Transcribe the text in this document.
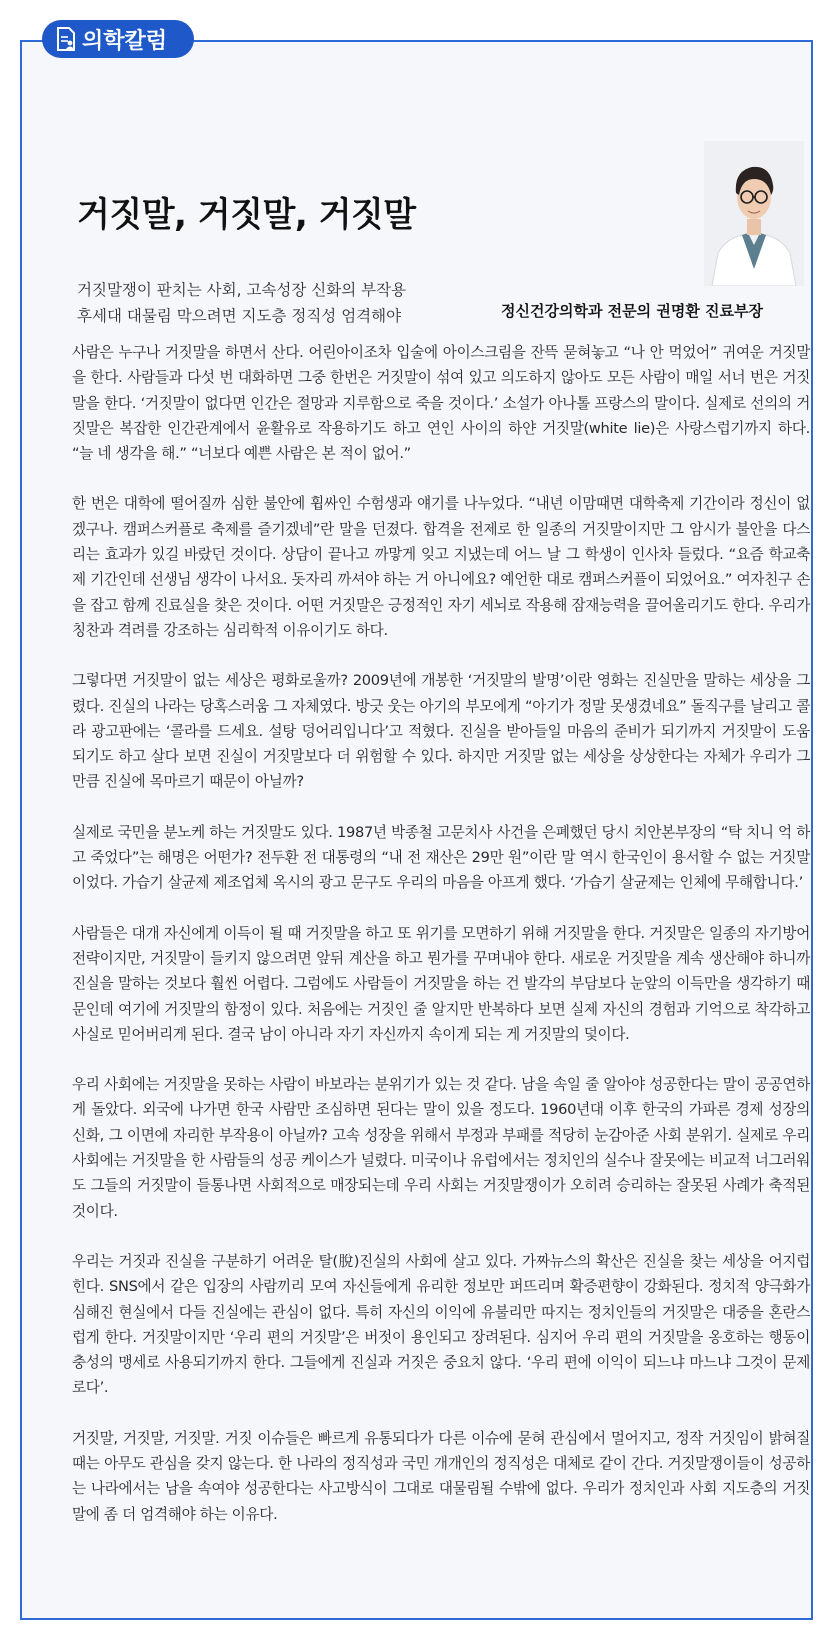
거짓말, 거짓말, 거짓말
거짓말쟁이 판치는 사회, 고속성장 신화의 부작용
후세대 대물림 막으려면 지도층 정직성 엄격해야	정신건강의학과 전문의 권명환 진료부장

사람은 누구나 거짓말을 하면서 산다. 어린아이조차 입술에 아이스크림을 잔뜩 묻혀놓고 “나 안 먹었어” 귀여운 거짓말을 한다. 사람들과 다섯 번 대화하면 그중 한번은 거짓말이 섞여 있고 의도하지 않아도 모든 사람이 매일 서너 번은 거짓말을 한다. ‘거짓말이 없다면 인간은 절망과 지루함으로 죽을 것이다.’ 소설가 아나톨 프랑스의 말이다. 실제로 선의의 거짓말은 복잡한 인간관계에서 윤활유로 작용하기도 하고 연인 사이의 하얀 거짓말(white lie)은 사랑스럽기까지 하다. “늘 네 생각을 해.” “너보다 예쁜 사람은 본 적이 없어.”

한 번은 대학에 떨어질까 심한 불안에 휩싸인 수험생과 얘기를 나누었다. “내년 이맘때면 대학축제 기간이라 정신이 없겠구나. 캠퍼스커플로 축제를 즐기겠네”란 말을 던졌다. 합격을 전제로 한 일종의 거짓말이지만 그 암시가 불안을 다스리는 효과가 있길 바랐던 것이다. 상담이 끝나고 까맣게 잊고 지냈는데 어느 날 그 학생이 인사차 들렀다. “요즘 학교축제 기간인데 선생님 생각이 나서요. 돗자리 까셔야 하는 거 아니에요? 예언한 대로 캠퍼스커플이 되었어요.” 여자친구 손을 잡고 함께 진료실을 찾은 것이다. 어떤 거짓말은 긍정적인 자기 세뇌로 작용해 잠재능력을 끌어올리기도 한다. 우리가 칭찬과 격려를 강조하는 심리학적 이유이기도 하다.

그렇다면 거짓말이 없는 세상은 평화로울까? 2009년에 개봉한 ‘거짓말의 발명’이란 영화는 진실만을 말하는 세상을 그렸다. 진실의 나라는 당혹스러움 그 자체였다. 방긋 웃는 아기의 부모에게 “아기가 정말 못생겼네요” 돌직구를 날리고 콜라 광고판에는 ‘콜라를 드세요. 설탕 덩어리입니다’고 적혔다. 진실을 받아들일 마음의 준비가 되기까지 거짓말이 도움 되기도 하고 살다 보면 진실이 거짓말보다 더 위험할 수 있다. 하지만 거짓말 없는 세상을 상상한다는 자체가 우리가 그만큼 진실에 목마르기 때문이 아닐까?

실제로 국민을 분노케 하는 거짓말도 있다. 1987년 박종철 고문치사 사건을 은폐했던 당시 치안본부장의 “탁 치니 억 하고 죽었다”는 해명은 어떤가? 전두환 전 대통령의 “내 전 재산은 29만 원”이란 말 역시 한국인이 용서할 수 없는 거짓말이었다. 가습기 살균제 제조업체 옥시의 광고 문구도 우리의 마음을 아프게 했다. ‘가습기 살균제는 인체에 무해합니다.’

사람들은 대개 자신에게 이득이 될 때 거짓말을 하고 또 위기를 모면하기 위해 거짓말을 한다. 거짓말은 일종의 자기방어 전략이지만, 거짓말이 들키지 않으려면 앞뒤 계산을 하고 뭔가를 꾸며내야 한다. 새로운 거짓말을 계속 생산해야 하니까 진실을 말하는 것보다 훨씬 어렵다. 그럼에도 사람들이 거짓말을 하는 건 발각의 부담보다 눈앞의 이득만을 생각하기 때문인데 여기에 거짓말의 함정이 있다. 처음에는 거짓인 줄 알지만 반복하다 보면 실제 자신의 경험과 기억으로 착각하고 사실로 믿어버리게 된다. 결국 남이 아니라 자기 자신까지 속이게 되는 게 거짓말의 덫이다.

우리 사회에는 거짓말을 못하는 사람이 바보라는 분위기가 있는 것 같다. 남을 속일 줄 알아야 성공한다는 말이 공공연하게 돌았다. 외국에 나가면 한국 사람만 조심하면 된다는 말이 있을 정도다. 1960년대 이후 한국의 가파른 경제 성장의 신화, 그 이면에 자리한 부작용이 아닐까? 고속 성장을 위해서 부정과 부패를 적당히 눈감아준 사회 분위기. 실제로 우리 사회에는 거짓말을 한 사람들의 성공 케이스가 널렸다. 미국이나 유럽에서는 정치인의 실수나 잘못에는 비교적 너그러워도 그들의 거짓말이 들통나면 사회적으로 매장되는데 우리 사회는 거짓말쟁이가 오히려 승리하는 잘못된 사례가 축적된 것이다.

우리는 거짓과 진실을 구분하기 어려운 탈(脫)진실의 사회에 살고 있다. 가짜뉴스의 확산은 진실을 찾는 세상을 어지럽힌다. SNS에서 같은 입장의 사람끼리 모여 자신들에게 유리한 정보만 퍼뜨리며 확증편향이 강화된다. 정치적 양극화가 심해진 현실에서 다들 진실에는 관심이 없다. 특히 자신의 이익에 유불리만 따지는 정치인들의 거짓말은 대중을 혼란스럽게 한다. 거짓말이지만 ‘우리 편의 거짓말’은 버젓이 용인되고 장려된다. 심지어 우리 편의 거짓말을 옹호하는 행동이 충성의 맹세로 사용되기까지 한다. 그들에게 진실과 거짓은 중요치 않다. ‘우리 편에 이익이 되느냐 마느냐 그것이 문제로다’.

거짓말, 거짓말, 거짓말. 거짓 이슈들은 빠르게 유통되다가 다른 이슈에 묻혀 관심에서 멀어지고, 정작 거짓임이 밝혀질 때는 아무도 관심을 갖지 않는다. 한 나라의 정직성과 국민 개개인의 정직성은 대체로 같이 간다. 거짓말쟁이들이 성공하는 나라에서는 남을 속여야 성공한다는 사고방식이 그대로 대물림될 수밖에 없다. 우리가 정치인과 사회 지도층의 거짓말에 좀 더 엄격해야 하는 이유다.

의학칼럼
